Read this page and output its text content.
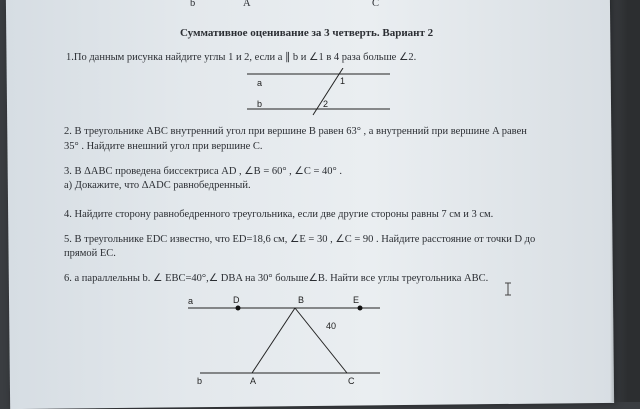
b	A	C
Суммативное оценивание за 3 четверть. Вариант 2
1.По данным рисунка найдите углы 1 и 2, если a ∥ b и ∠1 в 4 раза больше ∠2.
a
b
1
2
2. В треугольнике ABC внутренний угол при вершине B равен 63° , а внутренний при вершине A равен
35° . Найдите внешний угол при вершине С.
3. В ΔABC проведена биссектриса AD , ∠B = 60° , ∠C = 40° .
а) Докажите, что ΔADC равнобедренный.
4. Найдите сторону равнобедренного треугольника, если две другие стороны равны 7 см и 3 см.
5. В треугольнике EDC известно, что ED=18,6 см, ∠E = 30 , ∠C = 90 . Найдите расстояние от точки D до
прямой EC.
6. a параллельны b. ∠ EBC=40°,∠ DBA на 30° больше∠B. Найти все углы треугольника ABC.
a	D	B	E
40
b	A	C
